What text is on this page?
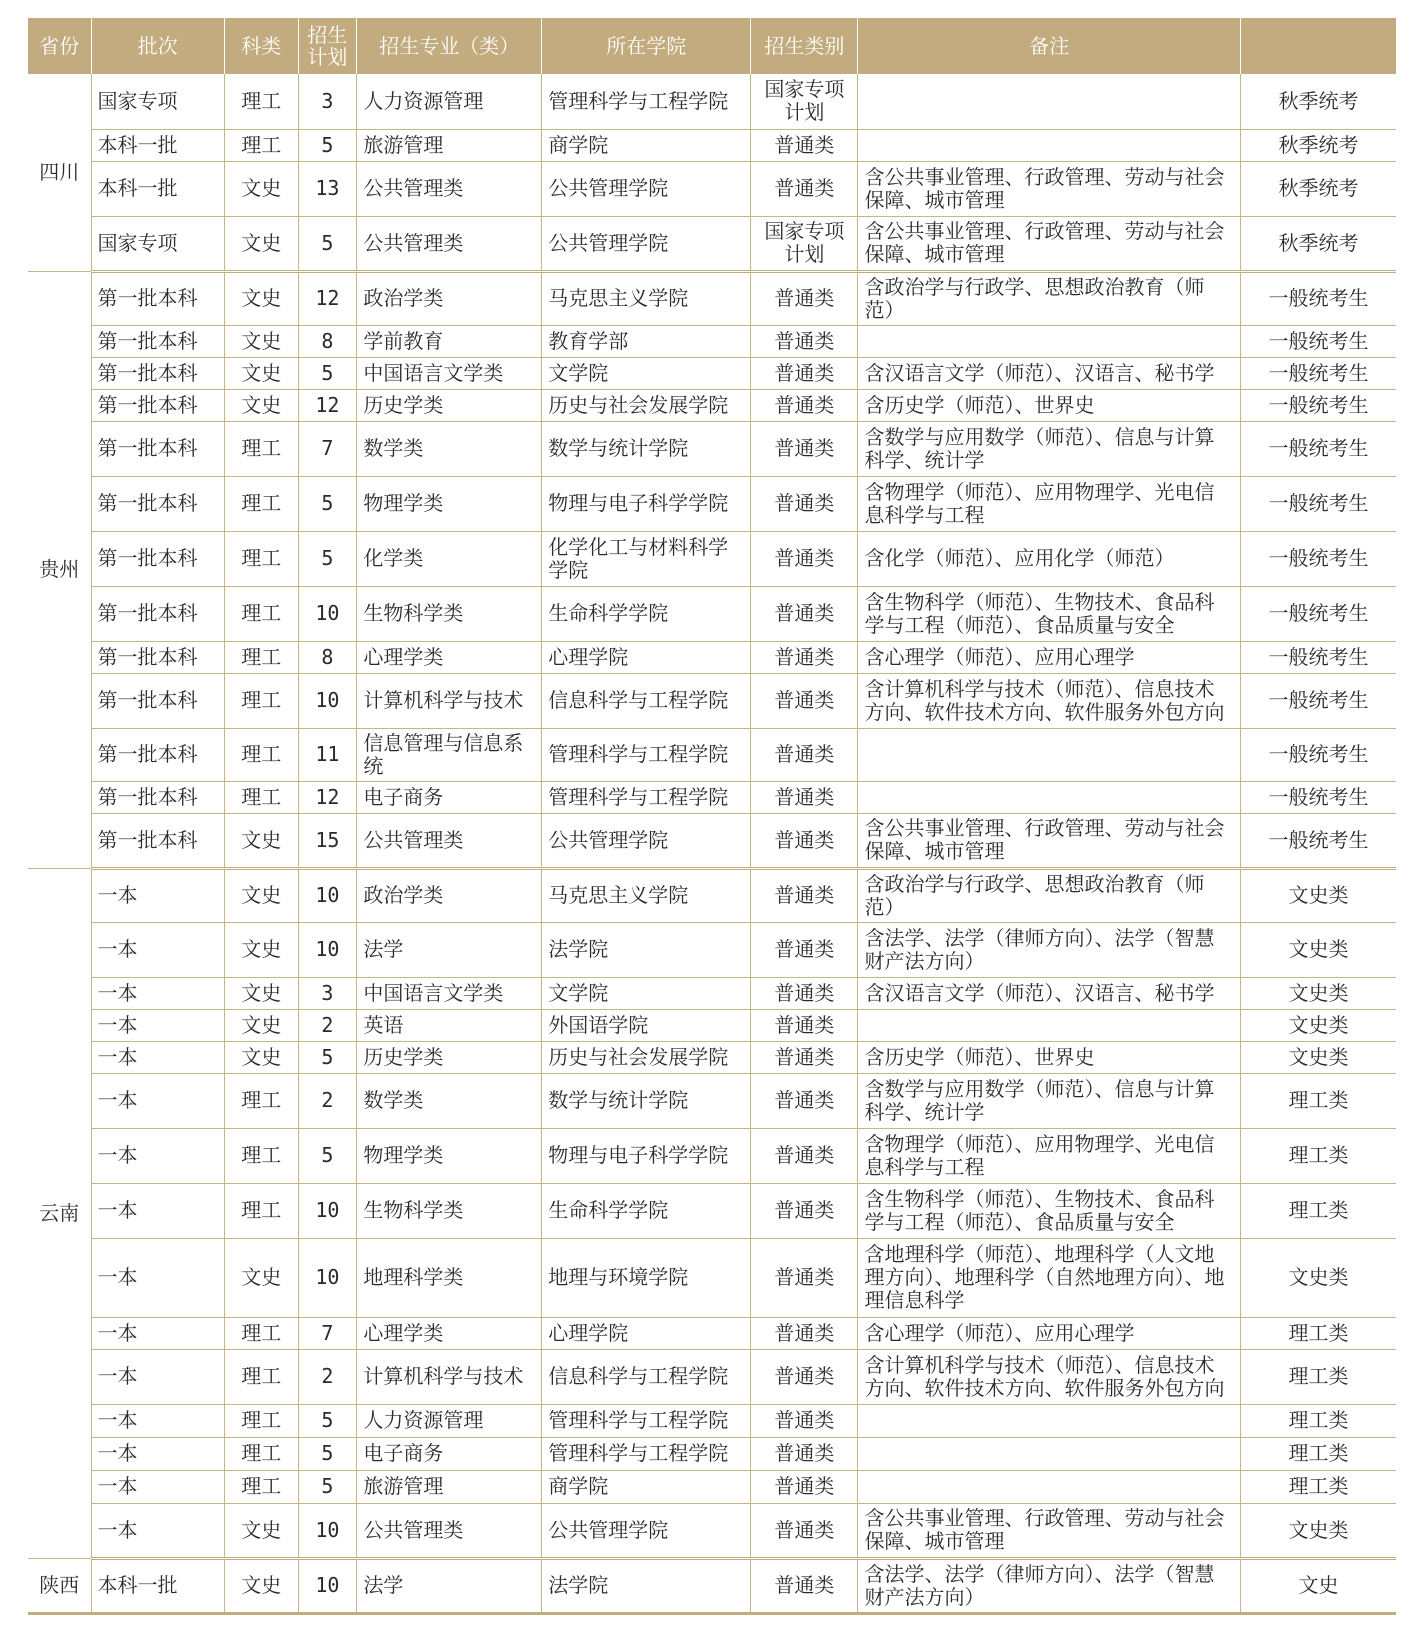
省份	批次	科类	招生计划	招生专业（类）	所在学院	招生类别	备注	
四川	国家专项	理工	3	人力资源管理	管理科学与工程学院	国家专项计划		秋季统考
	本科一批	理工	5	旅游管理	商学院	普通类		秋季统考
	本科一批	文史	13	公共管理类	公共管理学院	普通类	含公共事业管理、行政管理、劳动与社会保障、城市管理	秋季统考
	国家专项	文史	5	公共管理类	公共管理学院	国家专项计划	含公共事业管理、行政管理、劳动与社会保障、城市管理	秋季统考
贵州	第一批本科	文史	12	政治学类	马克思主义学院	普通类	含政治学与行政学、思想政治教育（师范）	一般统考生
	第一批本科	文史	8	学前教育	教育学部	普通类		一般统考生
	第一批本科	文史	5	中国语言文学类	文学院	普通类	含汉语言文学（师范）、汉语言、秘书学	一般统考生
	第一批本科	文史	12	历史学类	历史与社会发展学院	普通类	含历史学（师范）、世界史	一般统考生
	第一批本科	理工	7	数学类	数学与统计学院	普通类	含数学与应用数学（师范）、信息与计算科学、统计学	一般统考生
	第一批本科	理工	5	物理学类	物理与电子科学学院	普通类	含物理学（师范）、应用物理学、光电信息科学与工程	一般统考生
	第一批本科	理工	5	化学类	化学化工与材料科学学院	普通类	含化学（师范）、应用化学（师范）	一般统考生
	第一批本科	理工	10	生物科学类	生命科学学院	普通类	含生物科学（师范）、生物技术、食品科学与工程（师范）、食品质量与安全	一般统考生
	第一批本科	理工	8	心理学类	心理学院	普通类	含心理学（师范）、应用心理学	一般统考生
	第一批本科	理工	10	计算机科学与技术	信息科学与工程学院	普通类	含计算机科学与技术（师范）、信息技术方向、软件技术方向、软件服务外包方向	一般统考生
	第一批本科	理工	11	信息管理与信息系统	管理科学与工程学院	普通类		一般统考生
	第一批本科	理工	12	电子商务	管理科学与工程学院	普通类		一般统考生
	第一批本科	文史	15	公共管理类	公共管理学院	普通类	含公共事业管理、行政管理、劳动与社会保障、城市管理	一般统考生
云南	一本	文史	10	政治学类	马克思主义学院	普通类	含政治学与行政学、思想政治教育（师范）	文史类
	一本	文史	10	法学	法学院	普通类	含法学、法学（律师方向）、法学（智慧财产法方向）	文史类
	一本	文史	3	中国语言文学类	文学院	普通类	含汉语言文学（师范）、汉语言、秘书学	文史类
	一本	文史	2	英语	外国语学院	普通类		文史类
	一本	文史	5	历史学类	历史与社会发展学院	普通类	含历史学（师范）、世界史	文史类
	一本	理工	2	数学类	数学与统计学院	普通类	含数学与应用数学（师范）、信息与计算科学、统计学	理工类
	一本	理工	5	物理学类	物理与电子科学学院	普通类	含物理学（师范）、应用物理学、光电信息科学与工程	理工类
	一本	理工	10	生物科学类	生命科学学院	普通类	含生物科学（师范）、生物技术、食品科学与工程（师范）、食品质量与安全	理工类
	一本	文史	10	地理科学类	地理与环境学院	普通类	含地理科学（师范）、地理科学（人文地理方向）、地理科学（自然地理方向）、地理信息科学	文史类
	一本	理工	7	心理学类	心理学院	普通类	含心理学（师范）、应用心理学	理工类
	一本	理工	2	计算机科学与技术	信息科学与工程学院	普通类	含计算机科学与技术（师范）、信息技术方向、软件技术方向、软件服务外包方向	理工类
	一本	理工	5	人力资源管理	管理科学与工程学院	普通类		理工类
	一本	理工	5	电子商务	管理科学与工程学院	普通类		理工类
	一本	理工	5	旅游管理	商学院	普通类		理工类
	一本	文史	10	公共管理类	公共管理学院	普通类	含公共事业管理、行政管理、劳动与社会保障、城市管理	文史类
陕西	本科一批	文史	10	法学	法学院	普通类	含法学、法学（律师方向）、法学（智慧财产法方向）	文史
